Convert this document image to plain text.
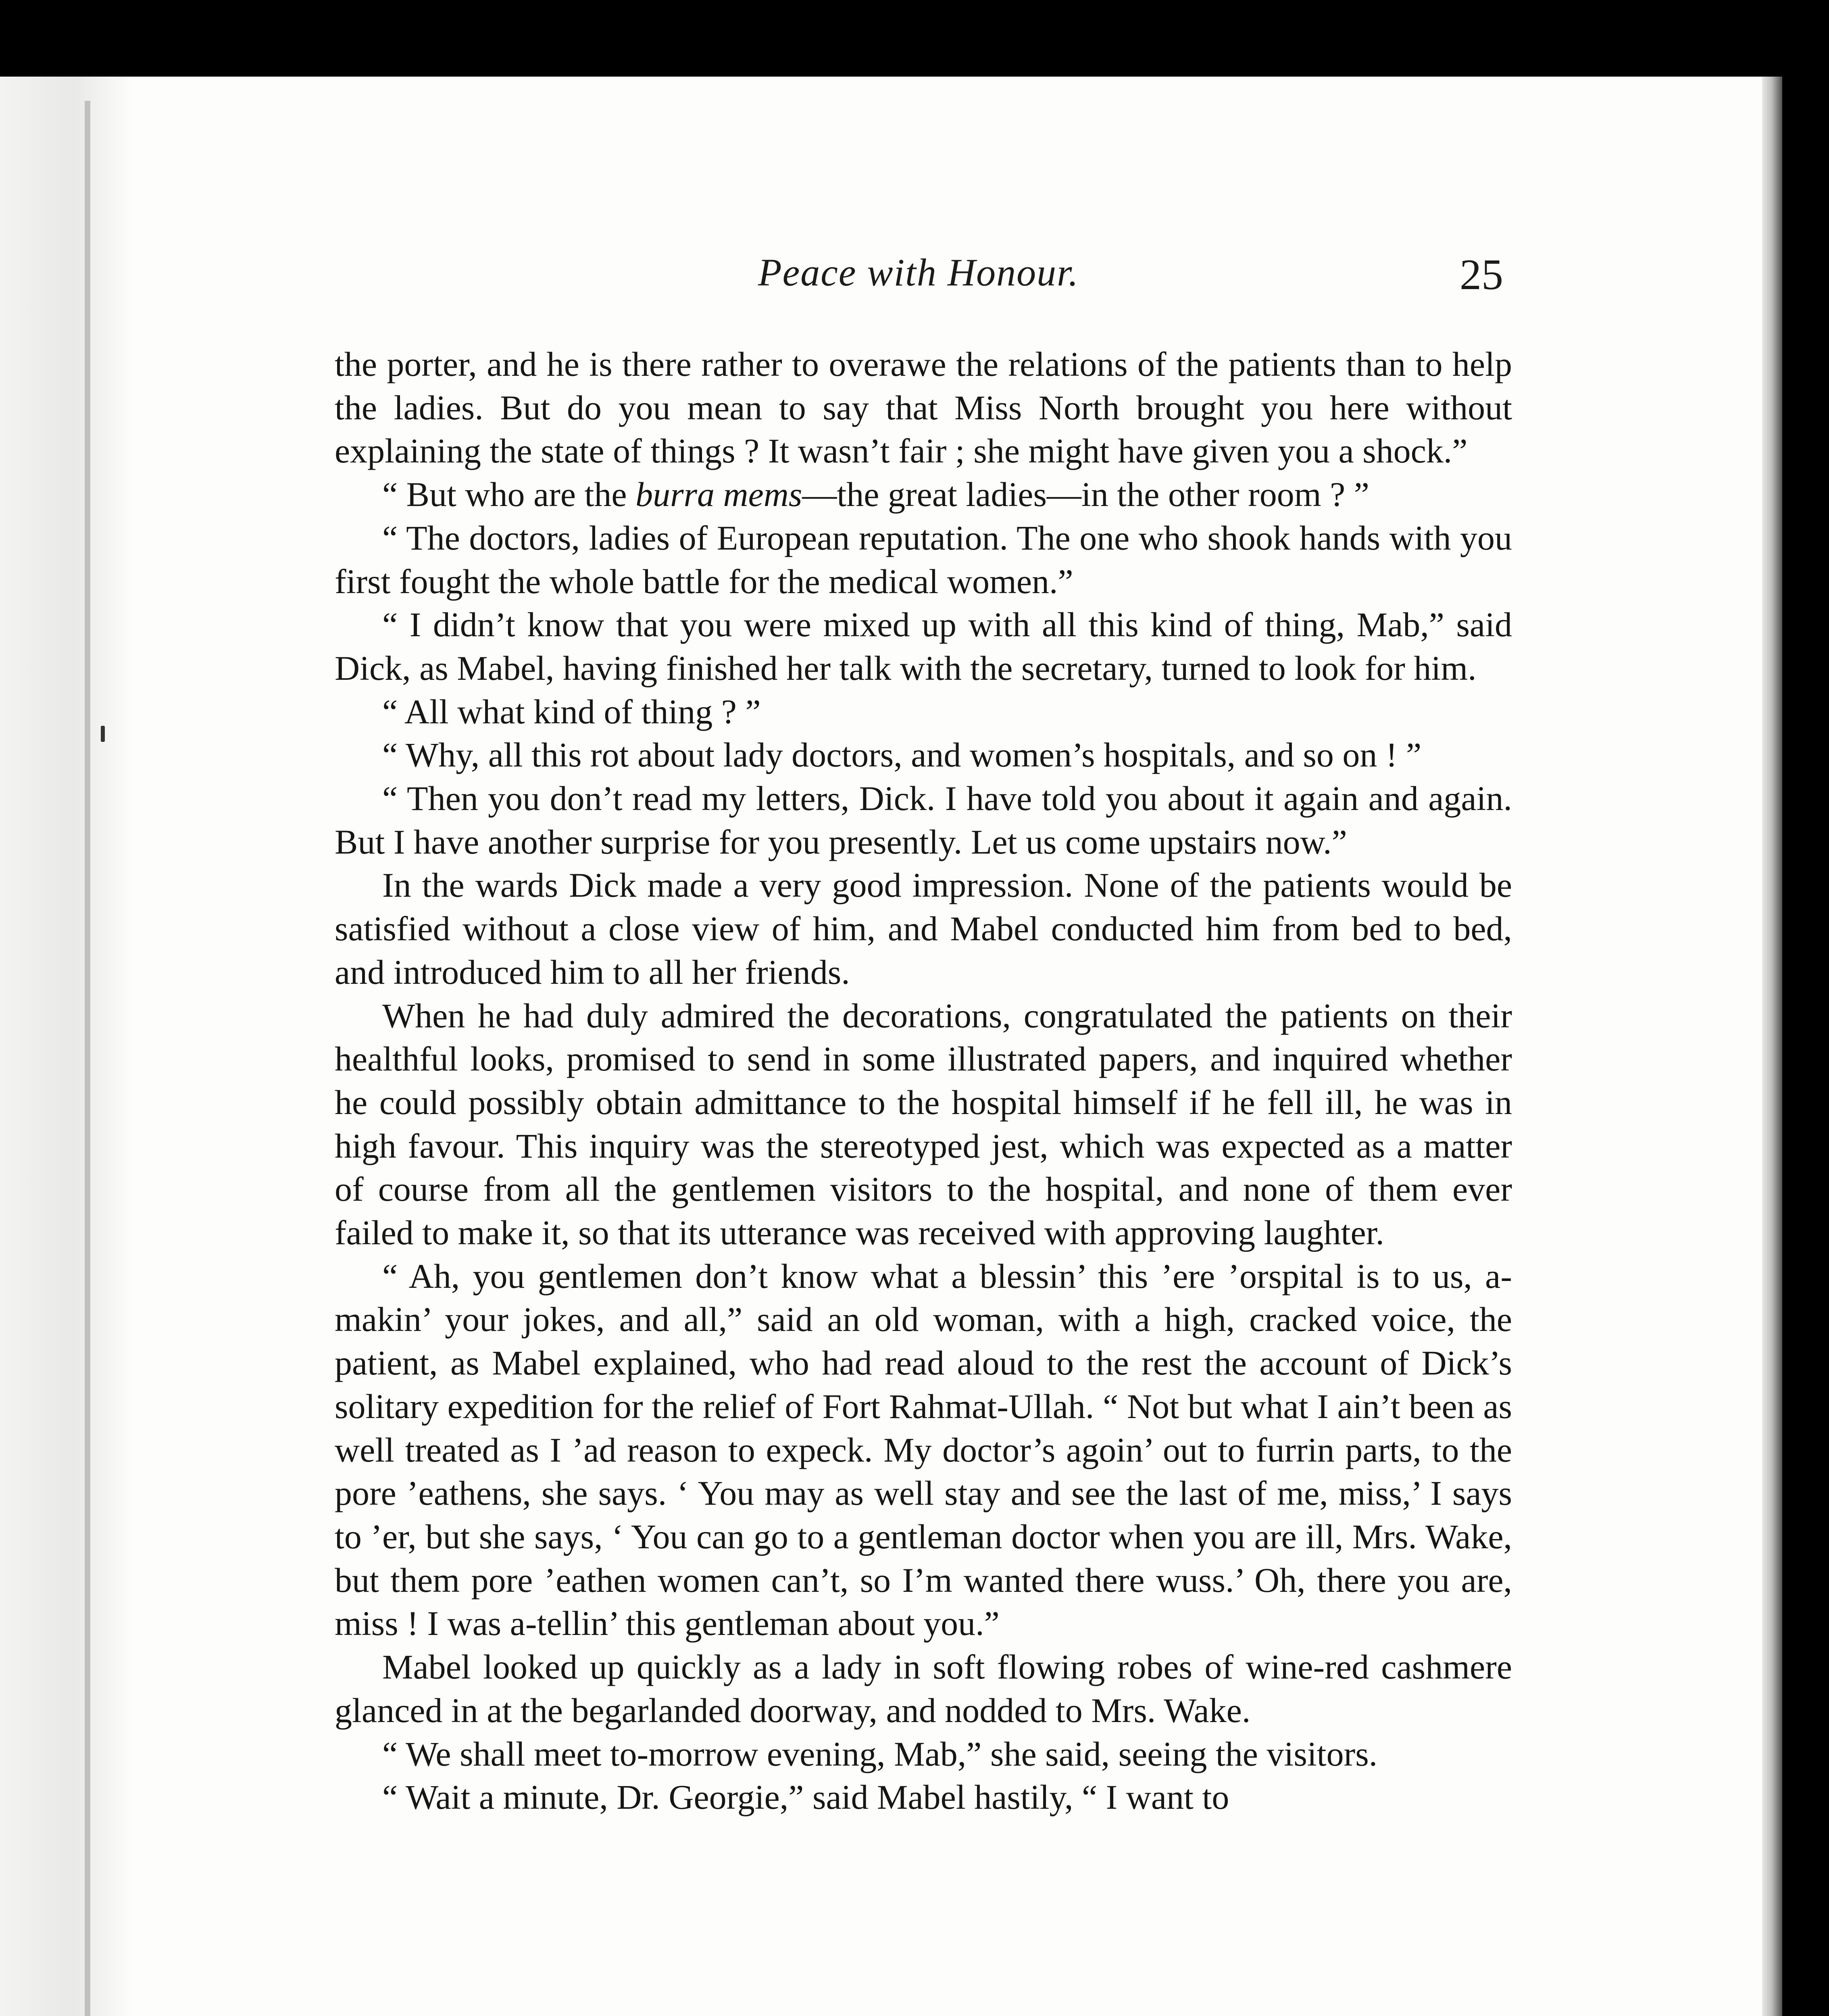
Peace with Honour.	25

the porter, and he is there rather to overawe the relations of the patients than to help the ladies. But do you mean to say that Miss North brought you here without explaining the state of things ? It wasn’t fair ; she might have given you a shock.”

“ But who are the burra mems—the great ladies—in the other room ? ”

“ The doctors, ladies of European reputation. The one who shook hands with you first fought the whole battle for the medical women.”

“ I didn’t know that you were mixed up with all this kind of thing, Mab,” said Dick, as Mabel, having finished her talk with the secretary, turned to look for him.

“ All what kind of thing ? ”

“ Why, all this rot about lady doctors, and women’s hospitals, and so on ! ”

“ Then you don’t read my letters, Dick. I have told you about it again and again. But I have another surprise for you presently. Let us come upstairs now.”

In the wards Dick made a very good impression. None of the patients would be satisfied without a close view of him, and Mabel conducted him from bed to bed, and introduced him to all her friends.

When he had duly admired the decorations, congratulated the patients on their healthful looks, promised to send in some illustrated papers, and inquired whether he could possibly obtain admittance to the hospital himself if he fell ill, he was in high favour. This inquiry was the stereotyped jest, which was expected as a matter of course from all the gentlemen visitors to the hospital, and none of them ever failed to make it, so that its utterance was received with approving laughter.

“ Ah, you gentlemen don’t know what a blessin’ this ’ere ’orspital is to us, a-makin’ your jokes, and all,” said an old woman, with a high, cracked voice, the patient, as Mabel explained, who had read aloud to the rest the account of Dick’s solitary expedition for the relief of Fort Rahmat-Ullah. “ Not but what I ain’t been as well treated as I ’ad reason to expeck. My doctor’s agoin’ out to furrin parts, to the pore ’eathens, she says. ‘ You may as well stay and see the last of me, miss,’ I says to ’er, but she says, ‘ You can go to a gentleman doctor when you are ill, Mrs. Wake, but them pore ’eathen women can’t, so I’m wanted there wuss.’ Oh, there you are, miss ! I was a-tellin’ this gentleman about you.”

Mabel looked up quickly as a lady in soft flowing robes of wine-red cashmere glanced in at the begarlanded doorway, and nodded to Mrs. Wake.

“ We shall meet to-morrow evening, Mab,” she said, seeing the visitors.

“ Wait a minute, Dr. Georgie,” said Mabel hastily, “ I want to
